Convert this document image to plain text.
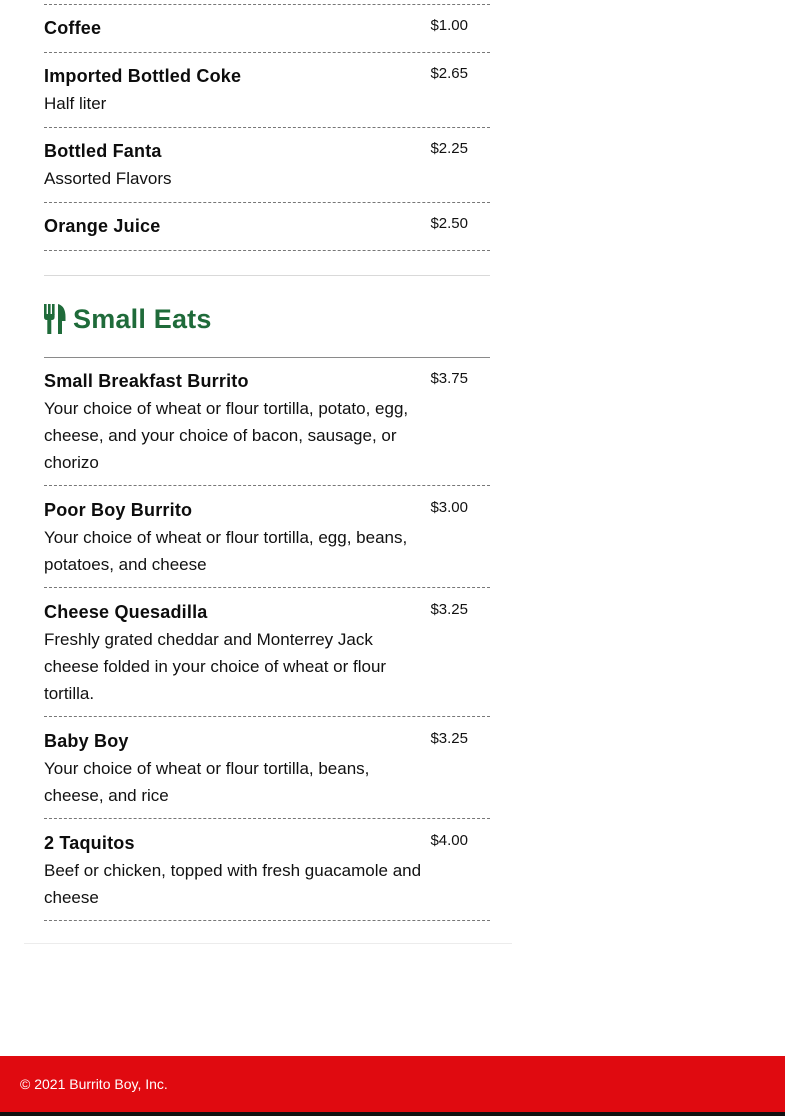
Coffee	$1.00
Imported Bottled Coke
Half liter
$2.65
Bottled Fanta
Assorted Flavors
$2.25
Orange Juice	$2.50
Small Eats
Small Breakfast Burrito
Your choice of wheat or flour tortilla, potato, egg, cheese, and your choice of bacon, sausage, or chorizo
$3.75
Poor Boy Burrito
Your choice of wheat or flour tortilla, egg, beans, potatoes, and cheese
$3.00
Cheese Quesadilla
Freshly grated cheddar and Monterrey Jack cheese folded in your choice of wheat or flour tortilla.
$3.25
Baby Boy
Your choice of wheat or flour tortilla, beans, cheese, and rice
$3.25
2 Taquitos
Beef or chicken, topped with fresh guacamole and cheese
$4.00
© 2021 Burrito Boy, Inc.
